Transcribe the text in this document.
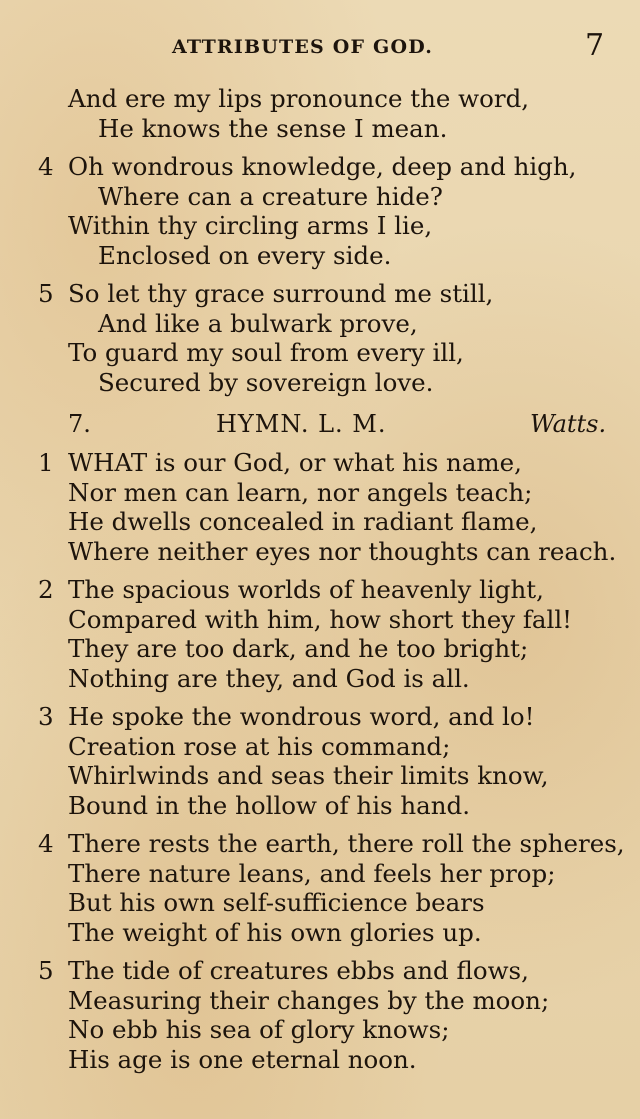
ATTRIBUTES OF GOD.	7
And ere my lips pronounce the word,
He knows the sense I mean.
4 Oh wondrous knowledge, deep and high,
Where can a creature hide?
Within thy circling arms I lie,
Enclosed on every side.
5 So let thy grace surround me still,
And like a bulwark prove,
To guard my soul from every ill,
Secured by sovereign love.
7.	HYMN. L. M.	Watts.
1 WHAT is our God, or what his name,
Nor men can learn, nor angels teach;
He dwells concealed in radiant flame,
Where neither eyes nor thoughts can reach.
2 The spacious worlds of heavenly light,
Compared with him, how short they fall!
They are too dark, and he too bright;
Nothing are they, and God is all.
3 He spoke the wondrous word, and lo!
Creation rose at his command;
Whirlwinds and seas their limits know,
Bound in the hollow of his hand.
4 There rests the earth, there roll the spheres,
There nature leans, and feels her prop;
But his own self-sufficience bears
The weight of his own glories up.
5 The tide of creatures ebbs and flows,
Measuring their changes by the moon;
No ebb his sea of glory knows;
His age is one eternal noon.
